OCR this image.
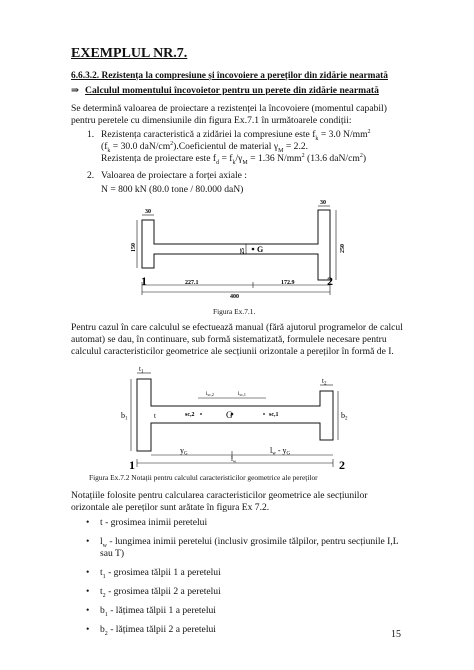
EXEMPLUL NR.7.
6.6.3.2. Rezistența la compresiune și încovoiere a pereților din zidărie nearmată
⇒ Calculul momentului încovoietor pentru un perete din zidărie nearmată
Se determină valoarea de proiectare a rezistenței la încovoiere (momentul capabil) pentru peretele cu dimensiunile din figura Ex.7.1 în următoarele condiții:
1. Rezistența caracteristică a zidăriei la compresiune este $f_k = 3.0$ $N/mm^2$
($f_k = 30.0$ daN/$cm^2).Coeficientul$ de material $\gamma_M = 2.2$.
Rezistența de proiectare este $f_d = f_k/\gamma_M = 1.36$ $N/mm^2$ (13.6 daN/$cm^2$)
2. Valoarea de proiectare a forței axiale :
N = 800 kN (80.0 tone / 80.000 daN)
30
30
150	250
25 G
227.1	172.9
400
1	2
Figura Ex.7.1.
Pentru cazul în care calculul se efectuează manual (fără ajutorul programelor de calcul automat) se dau, în continuare, sub formă sistematizată, formulele necesare pentru calculul caracteristicilor geometrice ale secțiunii orizontale a pereților în formă de I.
$t_1$
$t_2$
b1	b2
t
lsc,2	lsc,1
sc,2	sc,1
G
yG	lw - yG
$l_w$
1	2
Figura Ex.7.2 Notații pentru calculul caracteristicilor geometrice ale pereților
Notațiile folosite pentru calcularea caracteristicilor geometrice ale secțiunilor orizontale ale pereților sunt arătate în figura Ex 7.2.
•	t - grosimea inimii peretelui
•	$l_w$ - lungimea inimii peretelui (inclusiv grosimile tălpilor, pentru secțiunile I,L sau T)
•	$t_1$ - grosimea tălpii 1 a peretelui
•	$t_2$ - grosimea tălpii 2 a peretelui
•	$b_1$ - lățimea tălpii 1 a peretelui
•	$b_2$ - lățimea tălpii 2 a peretelui	15
